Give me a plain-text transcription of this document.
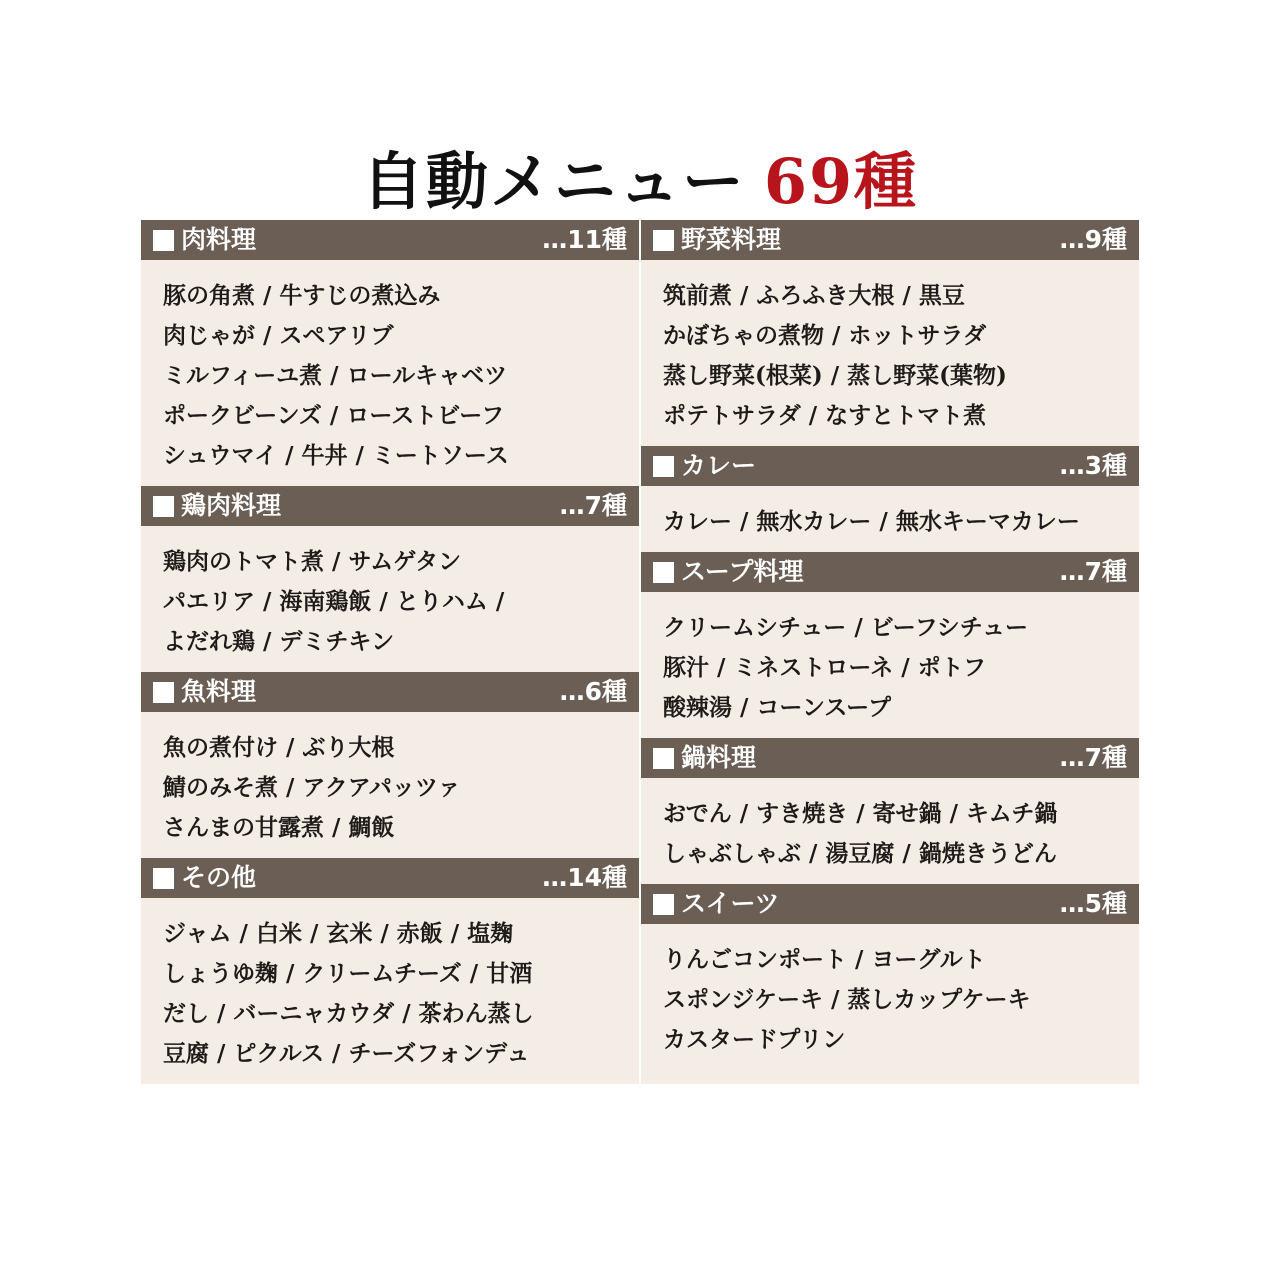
自動メニュー 69種
肉料理	…11種
豚の角煮 / 牛すじの煮込み
肉じゃが / スペアリブ
ミルフィーユ煮 / ロールキャベツ
ポークビーンズ / ローストビーフ
シュウマイ / 牛丼 / ミートソース
鶏肉料理	…7種
鶏肉のトマト煮 / サムゲタン
パエリア / 海南鶏飯 / とりハム /
よだれ鶏 / デミチキン
魚料理	…6種
魚の煮付け / ぶり大根
鯖のみそ煮 / アクアパッツァ
さんまの甘露煮 / 鯛飯
その他	…14種
ジャム / 白米 / 玄米 / 赤飯 / 塩麹
しょうゆ麹 / クリームチーズ / 甘酒
だし / バーニャカウダ / 茶わん蒸し
豆腐 / ピクルス / チーズフォンデュ
野菜料理	…9種
筑前煮 / ふろふき大根 / 黒豆
かぼちゃの煮物 / ホットサラダ
蒸し野菜(根菜) / 蒸し野菜(葉物)
ポテトサラダ / なすとトマト煮
カレー	…3種
カレー / 無水カレー / 無水キーマカレー
スープ料理	…7種
クリームシチュー / ビーフシチュー
豚汁 / ミネストローネ / ポトフ
酸辣湯 / コーンスープ
鍋料理	…7種
おでん / すき焼き / 寄せ鍋 / キムチ鍋
しゃぶしゃぶ / 湯豆腐 / 鍋焼きうどん
スイーツ	…5種
りんごコンポート / ヨーグルト
スポンジケーキ / 蒸しカップケーキ
カスタードプリン
